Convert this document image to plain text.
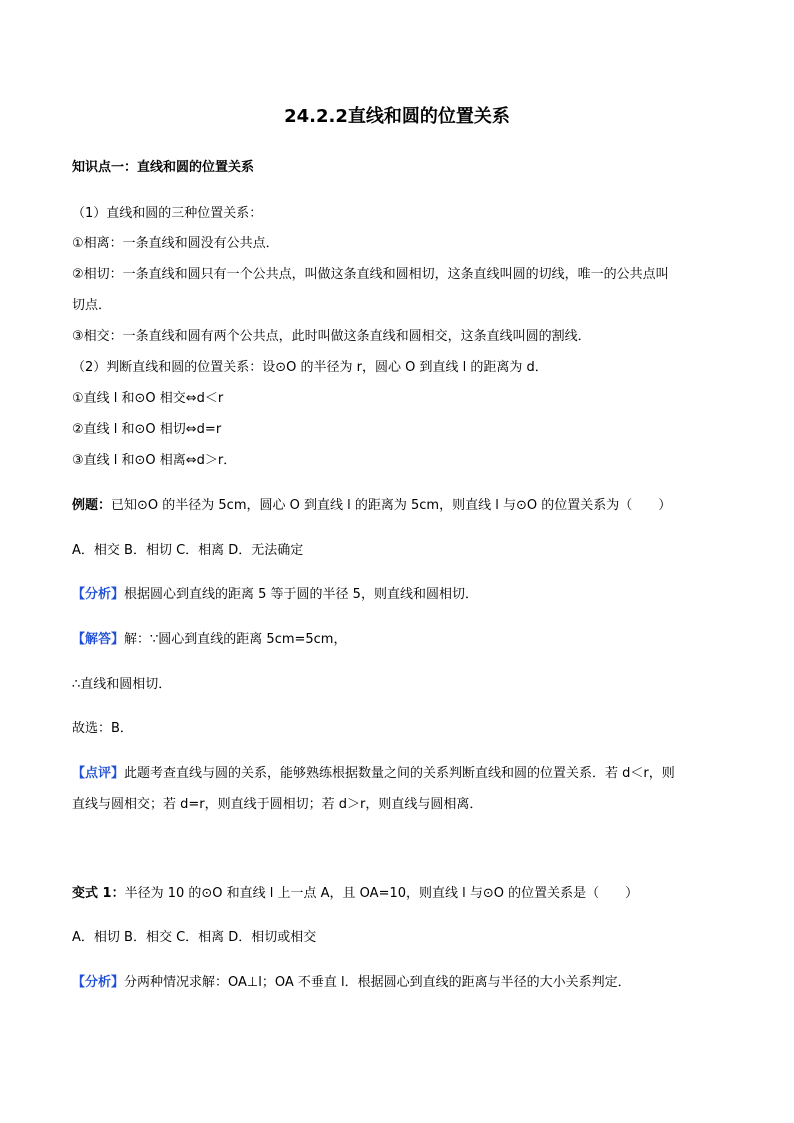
24.2.2直线和圆的位置关系
知识点一：直线和圆的位置关系
（1）直线和圆的三种位置关系：
①相离：一条直线和圆没有公共点．
②相切：一条直线和圆只有一个公共点，叫做这条直线和圆相切，这条直线叫圆的切线，唯一的公共点叫
切点．
③相交：一条直线和圆有两个公共点，此时叫做这条直线和圆相交，这条直线叫圆的割线．
（2）判断直线和圆的位置关系：设⊙O 的半径为 r，圆心 O 到直线 l 的距离为 d．
①直线 l 和⊙O 相交⇔d＜r
②直线 l 和⊙O 相切⇔d=r
③直线 l 和⊙O 相离⇔d＞r．
例题：已知⊙O 的半径为 5cm，圆心 O 到直线 l 的距离为 5cm，则直线 l 与⊙O 的位置关系为（　　）
A．相交 B．相切 C．相离 D．无法确定
【分析】根据圆心到直线的距离 5 等于圆的半径 5，则直线和圆相切．
【解答】解：∵圆心到直线的距离 5cm=5cm，
∴直线和圆相切．
故选：B．
【点评】此题考查直线与圆的关系，能够熟练根据数量之间的关系判断直线和圆的位置关系．若 d＜r，则
直线与圆相交；若 d=r，则直线于圆相切；若 d＞r，则直线与圆相离．
变式 1：半径为 10 的⊙O 和直线 l 上一点 A，且 OA=10，则直线 l 与⊙O 的位置关系是（　　）
A．相切 B．相交 C．相离 D．相切或相交
【分析】分两种情况求解：OA⊥l；OA 不垂直 l．根据圆心到直线的距离与半径的大小关系判定．
